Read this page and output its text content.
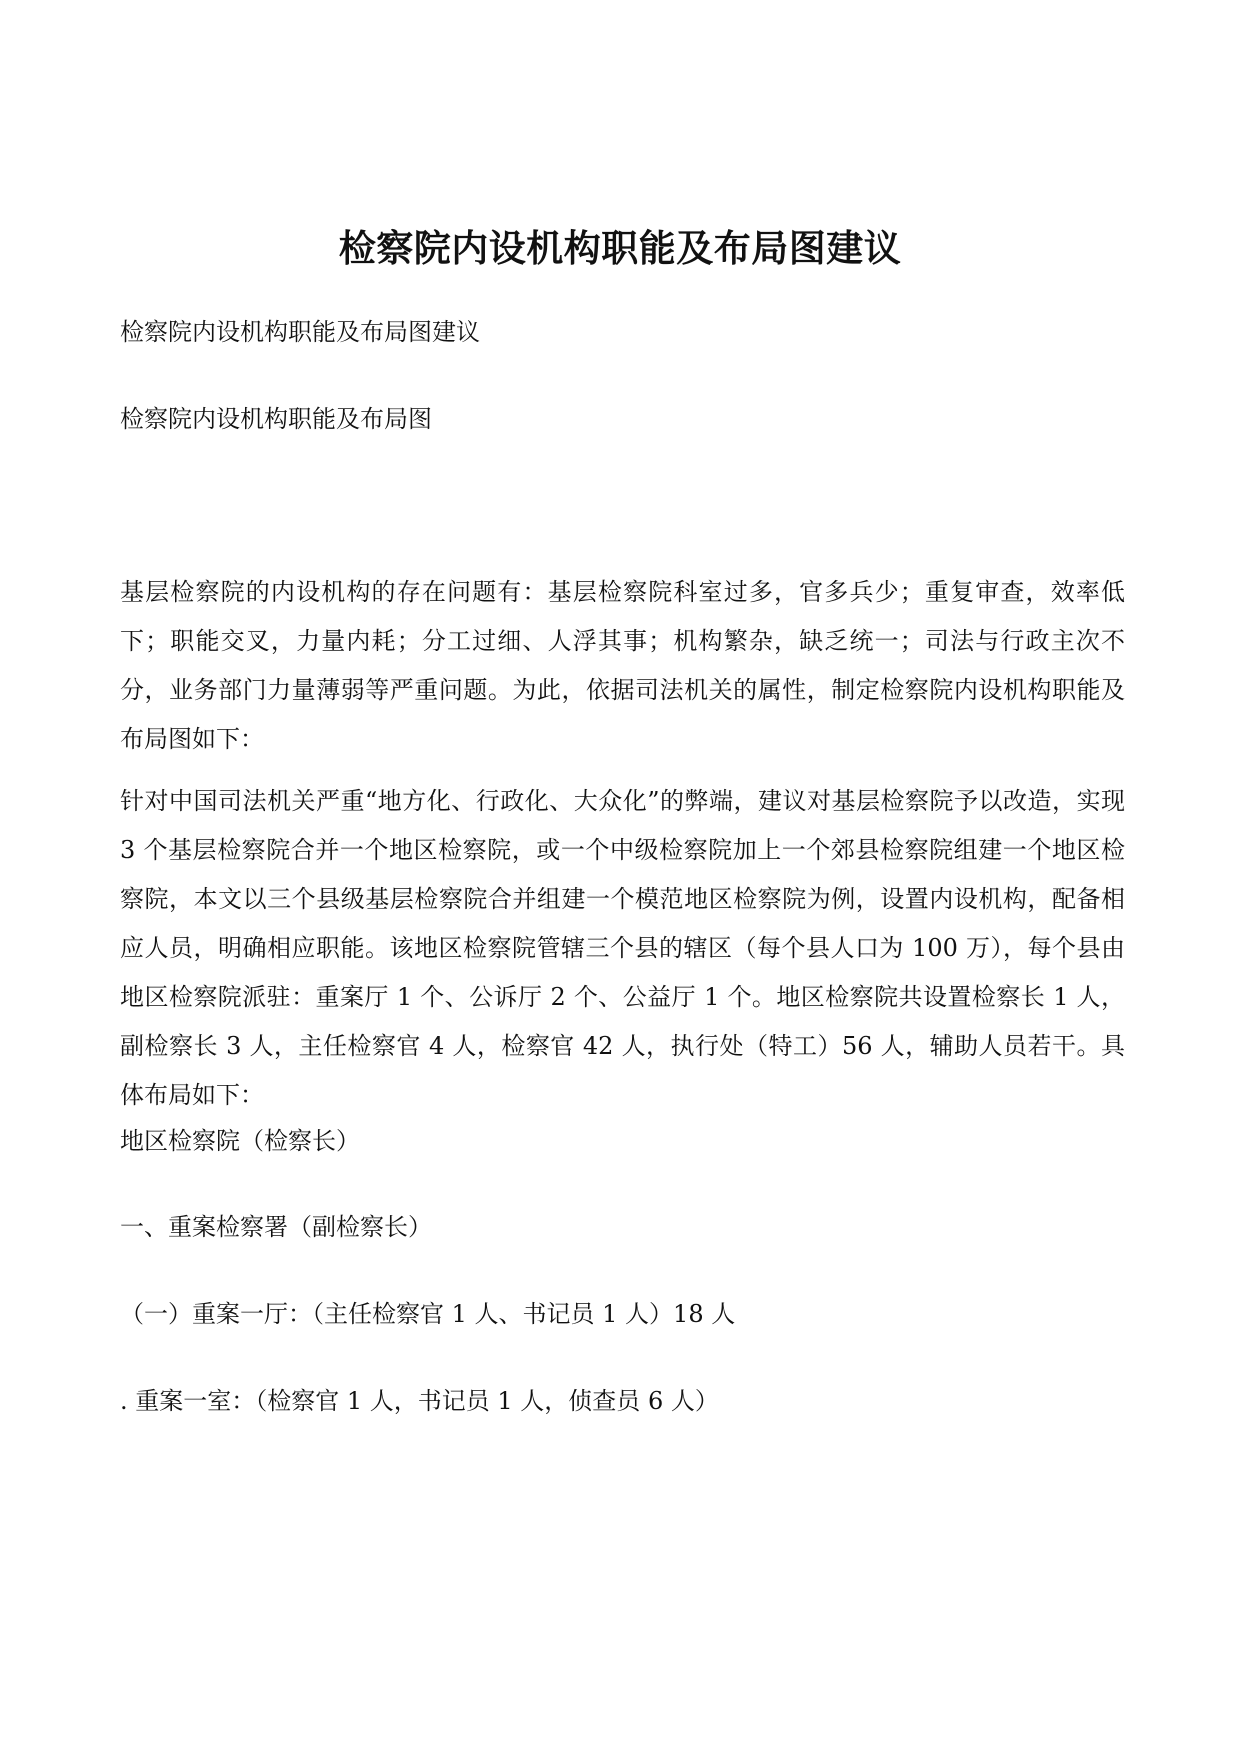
检察院内设机构职能及布局图建议

检察院内设机构职能及布局图建议

检察院内设机构职能及布局图

基层检察院的内设机构的存在问题有：基层检察院科室过多，官多兵少；重复审查，效率低下；职能交叉，力量内耗；分工过细、人浮其事；机构繁杂，缺乏统一；司法与行政主次不分，业务部门力量薄弱等严重问题。为此，依据司法机关的属性，制定检察院内设机构职能及布局图如下：

针对中国司法机关严重“地方化、行政化、大众化”的弊端，建议对基层检察院予以改造，实现 3 个基层检察院合并一个地区检察院，或一个中级检察院加上一个郊县检察院组建一个地区检察院，本文以三个县级基层检察院合并组建一个模范地区检察院为例，设置内设机构，配备相应人员，明确相应职能。该地区检察院管辖三个县的辖区（每个县人口为 100 万），每个县由地区检察院派驻：重案厅 1 个、公诉厅 2 个、公益厅 1 个。地区检察院共设置检察长 1 人，副检察长 3 人，主任检察官 4 人，检察官 42 人，执行处（特工）56 人，辅助人员若干。具体布局如下：

地区检察院（检察长）

一、重案检察署（副检察长）

（一）重案一厅：（主任检察官 1 人、书记员 1 人）18 人

. 重案一室：（检察官 1 人，书记员 1 人，侦查员 6 人）
